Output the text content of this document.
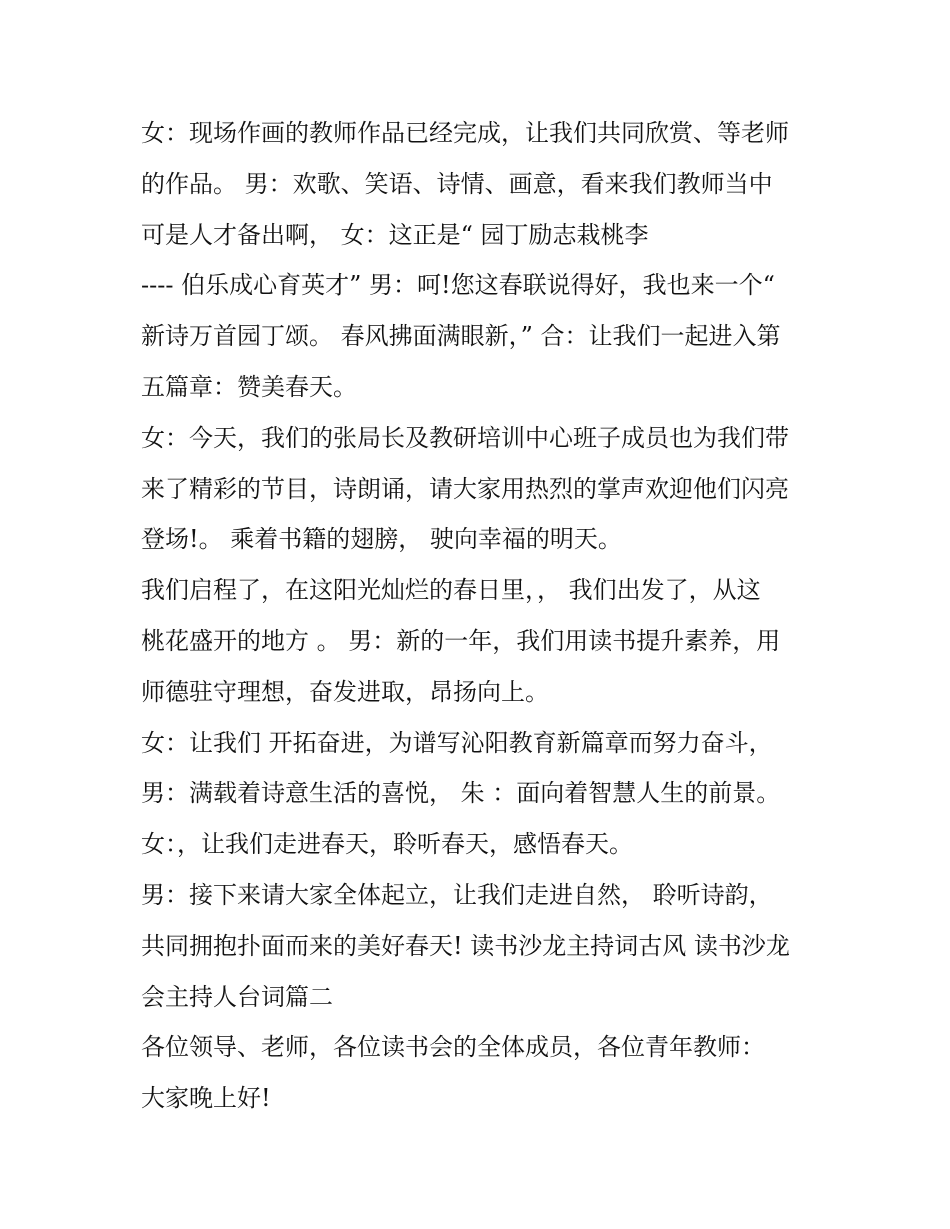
女：现场作画的教师作品已经完成，让我们共同欣赏、等老师
的作品。 男：欢歌、笑语、诗情、画意，看来我们教师当中
可是人才备出啊， 女：这正是“ 园丁励志栽桃李
---- 伯乐成心育英才” 男：呵!您这春联说得好，我也来一个“
新诗万首园丁颂。 春风拂面满眼新，” 合：让我们一起进入第
五篇章：赞美春天。
女：今天，我们的张局长及教研培训中心班子成员也为我们带
来了精彩的节目，诗朗诵，请大家用热烈的掌声欢迎他们闪亮
登场!。 乘着书籍的翅膀， 驶向幸福的明天。
我们启程了，在这阳光灿烂的春日里，， 我们出发了，从这
桃花盛开的地方 。 男：新的一年，我们用读书提升素养，用
师德驻守理想，奋发进取，昂扬向上。
女：让我们 开拓奋进，为谱写沁阳教育新篇章而努力奋斗，
男：满载着诗意生活的喜悦， 朱 ：面向着智慧人生的前景。
女：，让我们走进春天，聆听春天，感悟春天。
男：接下来请大家全体起立，让我们走进自然， 聆听诗韵，
共同拥抱扑面而来的美好春天! 读书沙龙主持词古风 读书沙龙
会主持人台词篇二
各位领导、老师，各位读书会的全体成员，各位青年教师：
大家晚上好!
